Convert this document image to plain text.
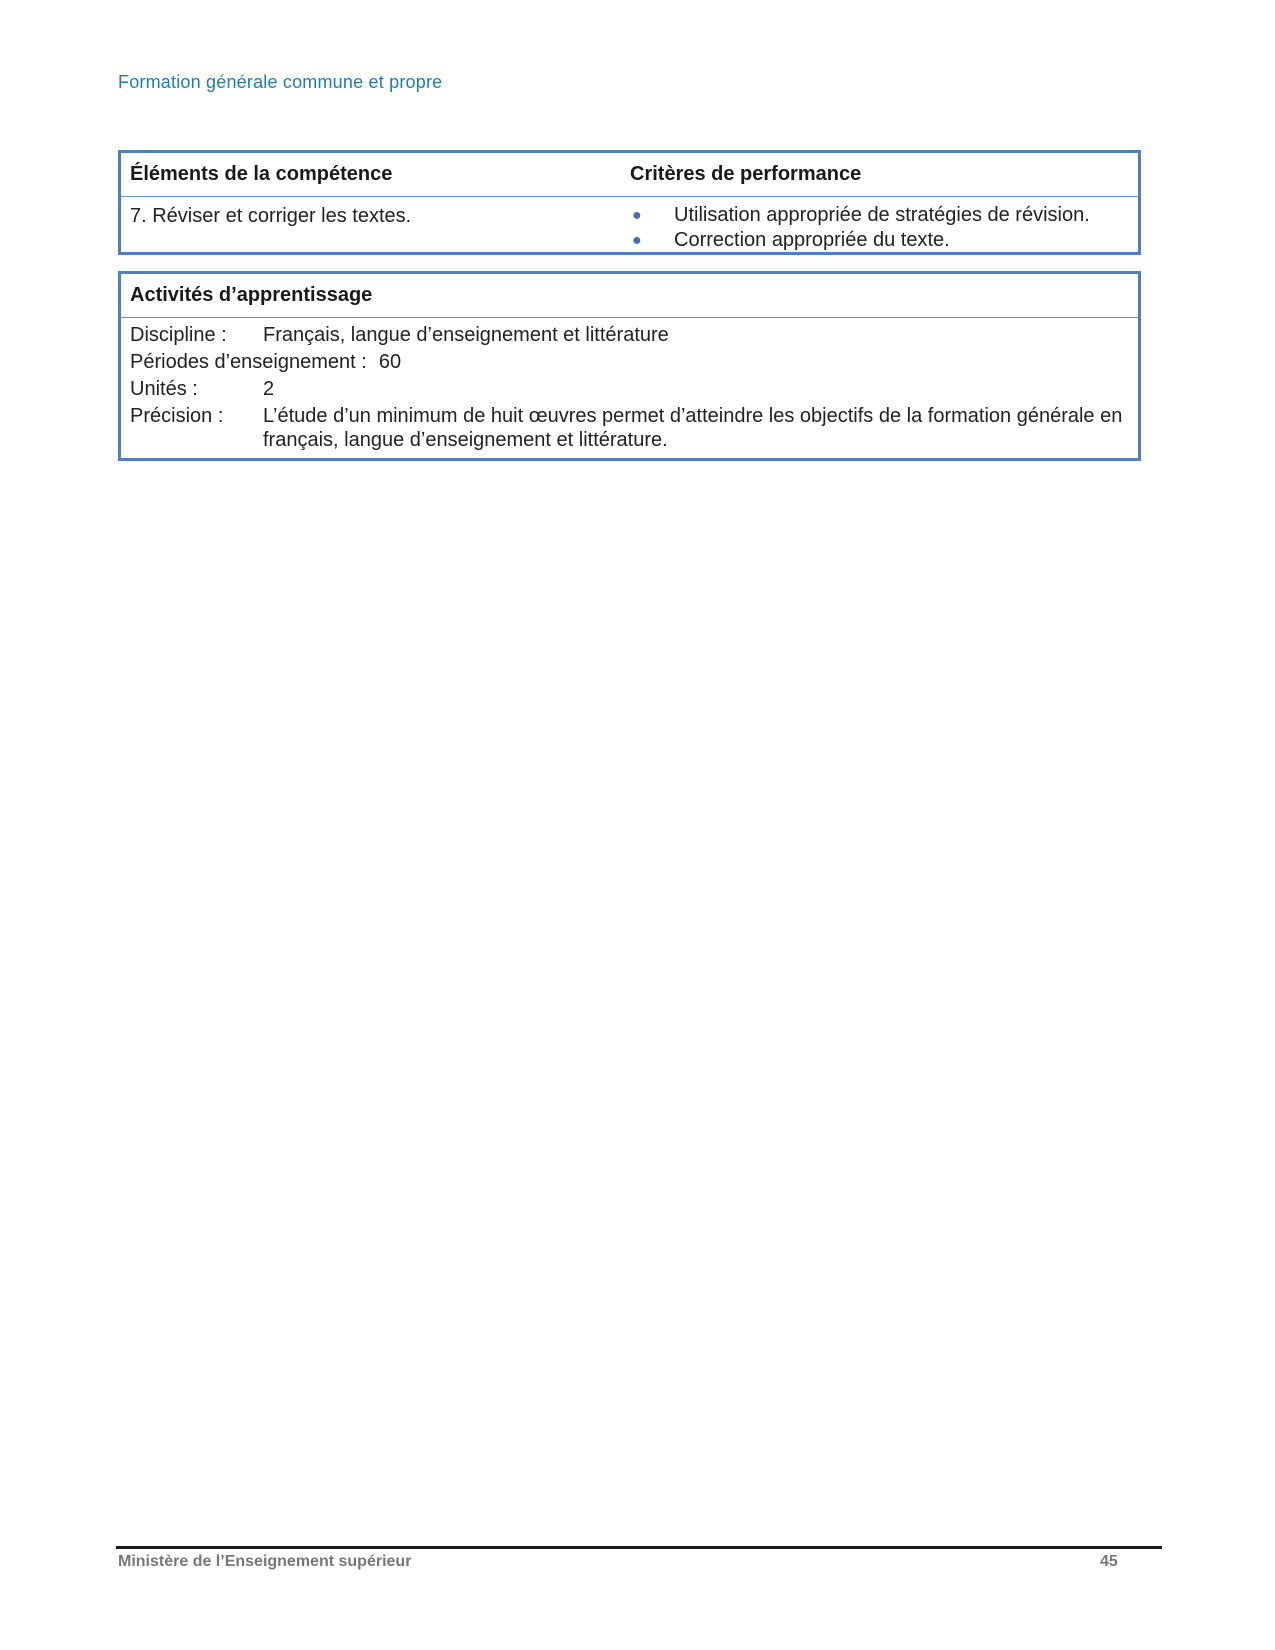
Formation générale commune et propre
Éléments de la compétence	Critères de performance
7. Réviser et corriger les textes.	● Utilisation appropriée de stratégies de révision.
● Correction appropriée du texte.
Activités d’apprentissage
Discipline :	Français, langue d’enseignement et littérature
Périodes d’enseignement : 60
Unités :	2
Précision :	L’étude d’un minimum de huit œuvres permet d’atteindre les objectifs de la formation générale en français, langue d’enseignement et littérature.
Ministère de l’Enseignement supérieur	45
